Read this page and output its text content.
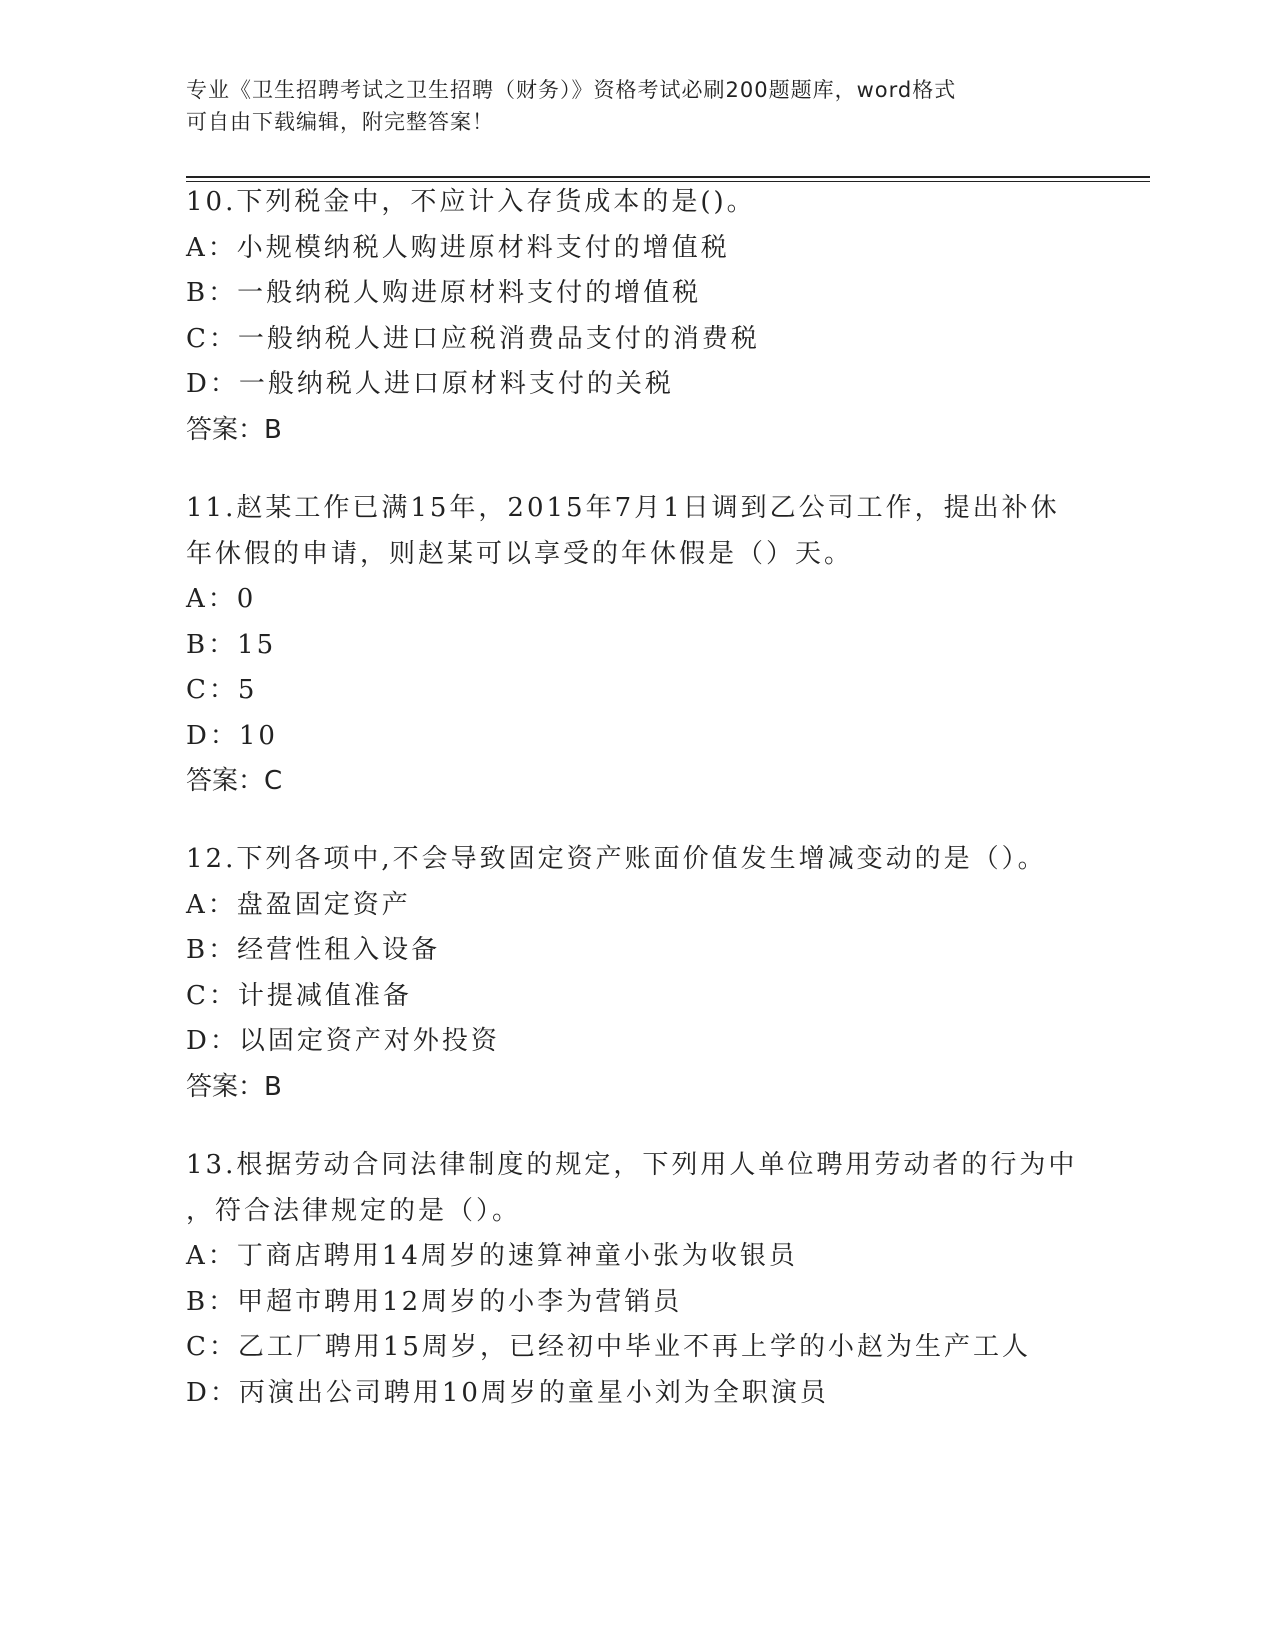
专业《卫生招聘考试之卫生招聘（财务）》资格考试必刷200题题库，word格式
可自由下载编辑，附完整答案！
10.下列税金中，不应计入存货成本的是()。
A：小规模纳税人购进原材料支付的增值税
B：一般纳税人购进原材料支付的增值税
C：一般纳税人进口应税消费品支付的消费税
D：一般纳税人进口原材料支付的关税
答案：B
11.赵某工作已满15年，2015年7月1日调到乙公司工作，提出补休
年休假的申请，则赵某可以享受的年休假是（）天。
A：0
B：15
C：5
D：10
答案：C
12.下列各项中,不会导致固定资产账面价值发生增减变动的是（）。
A：盘盈固定资产
B：经营性租入设备
C：计提减值准备
D：以固定资产对外投资
答案：B
13.根据劳动合同法律制度的规定，下列用人单位聘用劳动者的行为中
，符合法律规定的是（）。
A：丁商店聘用14周岁的速算神童小张为收银员
B：甲超市聘用12周岁的小李为营销员
C：乙工厂聘用15周岁，已经初中毕业不再上学的小赵为生产工人
D：丙演出公司聘用10周岁的童星小刘为全职演员
